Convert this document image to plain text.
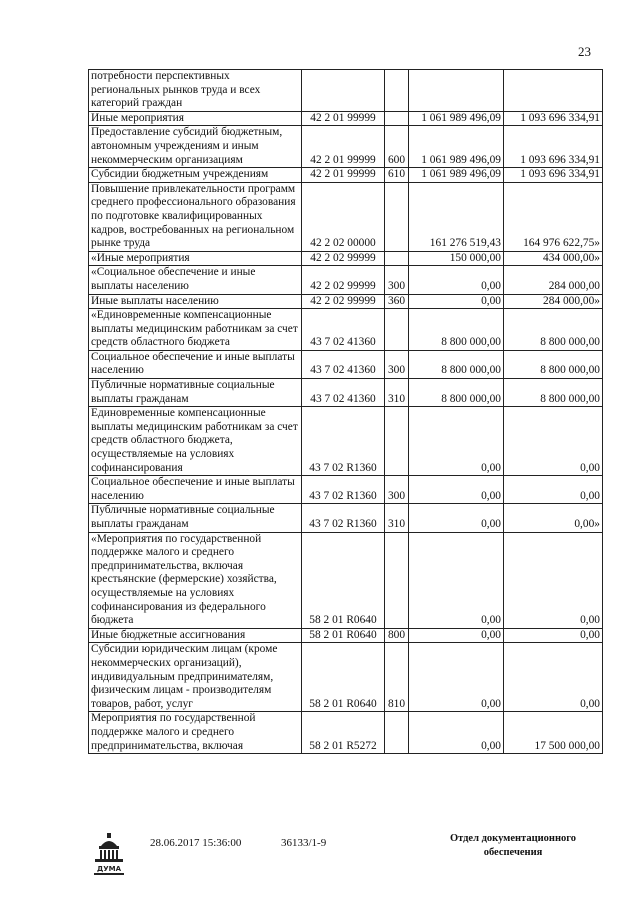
23
потребности перспективных региональных рынков труда и всех категорий граждан				
Иные мероприятия	42 2 01 99999		1 061 989 496,09	1 093 696 334,91
Предоставление субсидий бюджетным, автономным учреждениям и иным некоммерческим организациям	42 2 01 99999	600	1 061 989 496,09	1 093 696 334,91
Субсидии бюджетным учреждениям	42 2 01 99999	610	1 061 989 496,09	1 093 696 334,91
Повышение привлекательности программ среднего профессионального образования по подготовке квалифицированных кадров, востребованных на региональном рынке труда	42 2 02 00000		161 276 519,43	164 976 622,75»
«Иные мероприятия	42 2 02 99999		150 000,00	434 000,00»
«Социальное обеспечение и иные выплаты населению	42 2 02 99999	300	0,00	284 000,00
Иные выплаты населению	42 2 02 99999	360	0,00	284 000,00»
«Единовременные компенсационные выплаты медицинским работникам за счет средств областного бюджета	43 7 02 41360		8 800 000,00	8 800 000,00
Социальное обеспечение и иные выплаты населению	43 7 02 41360	300	8 800 000,00	8 800 000,00
Публичные нормативные социальные выплаты гражданам	43 7 02 41360	310	8 800 000,00	8 800 000,00
Единовременные компенсационные выплаты медицинским работникам за счет средств областного бюджета, осуществляемые на условиях софинансирования	43 7 02 R1360		0,00	0,00
Социальное обеспечение и иные выплаты населению	43 7 02 R1360	300	0,00	0,00
Публичные нормативные социальные выплаты гражданам	43 7 02 R1360	310	0,00	0,00»
«Мероприятия по государственной поддержке малого и среднего предпринимательства, включая крестьянские (фермерские) хозяйства, осуществляемые на условиях софинансирования из федерального бюджета	58 2 01 R0640		0,00	0,00
Иные бюджетные ассигнования	58 2 01 R0640	800	0,00	0,00
Субсидии юридическим лицам (кроме некоммерческих организаций), индивидуальным предпринимателям, физическим лицам - производителям товаров, работ, услуг	58 2 01 R0640	810	0,00	0,00
Мероприятия по государственной поддержке малого и среднего предпринимательства, включая	58 2 01 R5272		0,00	17 500 000,00
ДУМА
28.06.2017 15:36:00	36133/1-9	Отдел документационного
обеспечения
